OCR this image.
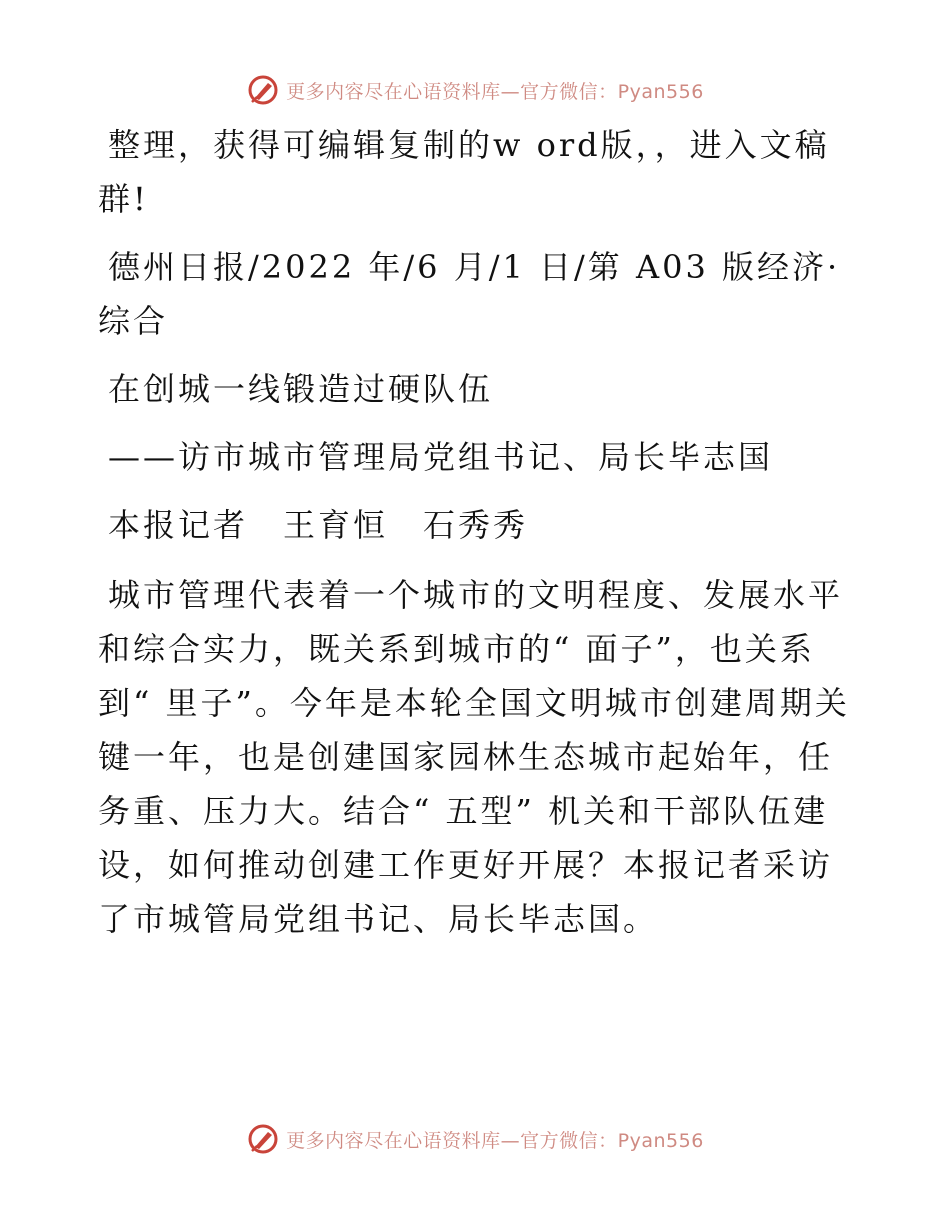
更多内容尽在心语资料库—官方微信：Pyan556

整理，获得可编辑复制的w ord版，，进入文稿群!

德州日报/2022 年/6 月/1 日/第 A03 版经济·综合

在创城一线锻造过硬队伍

——访市城市管理局党组书记、局长毕志国

本报记者　王育恒　石秀秀

城市管理代表着一个城市的文明程度、发展水平和综合实力，既关系到城市的“ 面子”，也关系到“ 里子”。今年是本轮全国文明城市创建周期关键一年，也是创建国家园林生态城市起始年，任务重、压力大。结合“ 五型” 机关和干部队伍建设，如何推动创建工作更好开展？本报记者采访了市城管局党组书记、局长毕志国。

更多内容尽在心语资料库—官方微信：Pyan556
